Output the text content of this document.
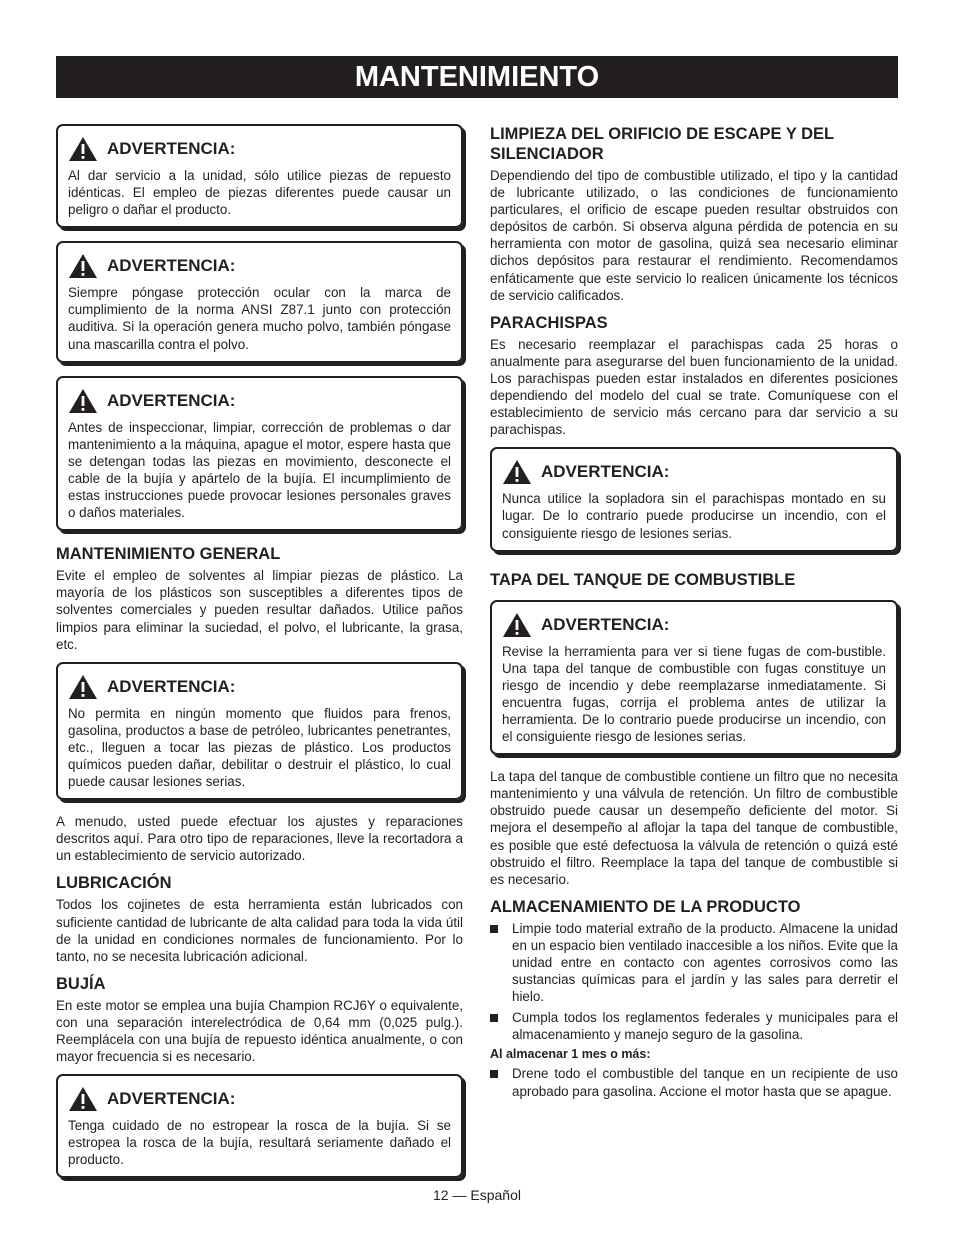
MANTENIMIENTO
ADVERTENCIA:

Al dar servicio a la unidad, sólo utilice piezas de repuesto idénticas. El empleo de piezas diferentes puede causar un peligro o dañar el producto.

ADVERTENCIA:

Siempre póngase protección ocular con la marca de cumplimiento de la norma ANSI Z87.1 junto con protección auditiva. Si la operación genera mucho polvo, también póngase una mascarilla contra el polvo.

ADVERTENCIA:

Antes de inspeccionar, limpiar, corrección de problemas o dar mantenimiento a la máquina, apague el motor, espere hasta que se detengan todas las piezas en movimiento, desconecte el cable de la bujía y apártelo de la bujía. El incumplimiento de estas instrucciones puede provocar lesiones personales graves o daños materiales.

MANTENIMIENTO GENERAL

Evite el empleo de solventes al limpiar piezas de plástico. La mayoría de los plásticos son susceptibles a diferentes tipos de solventes comerciales y pueden resultar dañados. Utilice paños limpios para eliminar la suciedad, el polvo, el lubricante, la grasa, etc.

ADVERTENCIA:

No permita en ningún momento que fluidos para frenos, gasolina, productos a base de petróleo, lubricantes penetrantes, etc., lleguen a tocar las piezas de plástico. Los productos químicos pueden dañar, debilitar o destruir el plástico, lo cual puede causar lesiones serias.

A menudo, usted puede efectuar los ajustes y reparaciones descritos aquí. Para otro tipo de reparaciones, lleve la recortadora a un establecimiento de servicio autorizado.

LUBRICACIÓN

Todos los cojinetes de esta herramienta están lubricados con suficiente cantidad de lubricante de alta calidad para toda la vida útil de la unidad en condiciones normales de funcionamiento. Por lo tanto, no se necesita lubricación adicional.

BUJÍA

En este motor se emplea una bujía Champion RCJ6Y o equivalente, con una separación interelectródica de 0,64 mm (0,025 pulg.). Reemplácela con una bujía de repuesto idéntica anualmente, o con mayor frecuencia si es necesario.

ADVERTENCIA:

Tenga cuidado de no estropear la rosca de la bujía. Si se estropea la rosca de la bujía, resultará seriamente dañado el producto.

LIMPIEZA DEL ORIFICIO DE ESCAPE Y DEL SILENCIADOR

Dependiendo del tipo de combustible utilizado, el tipo y la cantidad de lubricante utilizado, o las condiciones de funcionamiento particulares, el orificio de escape pueden resultar obstruidos con depósitos de carbón. Si observa alguna pérdida de potencia en su herramienta con motor de gasolina, quizá sea necesario eliminar dichos depósitos para restaurar el rendimiento. Recomendamos enfáticamente que este servicio lo realicen únicamente los técnicos de servicio calificados.

PARACHISPAS

Es necesario reemplazar el parachispas cada 25 horas o anualmente para asegurarse del buen funcionamiento de la unidad. Los parachispas pueden estar instalados en diferentes posiciones dependiendo del modelo del cual se trate. Comuníquese con el establecimiento de servicio más cercano para dar servicio a su parachispas.

ADVERTENCIA:

Nunca utilice la sopladora sin el parachispas montado en su lugar. De lo contrario puede producirse un incendio, con el consiguiente riesgo de lesiones serias.

TAPA DEL TANQUE DE COMBUSTIBLE
ADVERTENCIA:

Revise la herramienta para ver si tiene fugas de com-bustible. Una tapa del tanque de combustible con fugas constituye un riesgo de incendio y debe reemplazarse inmediatamente. Si encuentra fugas, corrija el problema antes de utilizar la herramienta. De lo contrario puede producirse un incendio, con el consiguiente riesgo de lesiones serias.

La tapa del tanque de combustible contiene un filtro que no necesita mantenimiento y una válvula de retención. Un filtro de combustible obstruido puede causar un desempeño deficiente del motor. Si mejora el desempeño al aflojar la tapa del tanque de combustible, es posible que esté defectuosa la válvula de retención o quizá esté obstruido el filtro. Reemplace la tapa del tanque de combustible si es necesario.

ALMACENAMIENTO DE LA PRODUCTO
Limpie todo material extraño de la producto. Almacene la unidad en un espacio bien ventilado inaccesible a los niños. Evite que la unidad entre en contacto con agentes corrosivos como las sustancias químicas para el jardín y las sales para derretir el hielo.
Cumpla todos los reglamentos federales y municipales para el almacenamiento y manejo seguro de la gasolina.
Al almacenar 1 mes o más:
Drene todo el combustible del tanque en un recipiente de uso aprobado para gasolina. Accione el motor hasta que se apague.
12 — Español
